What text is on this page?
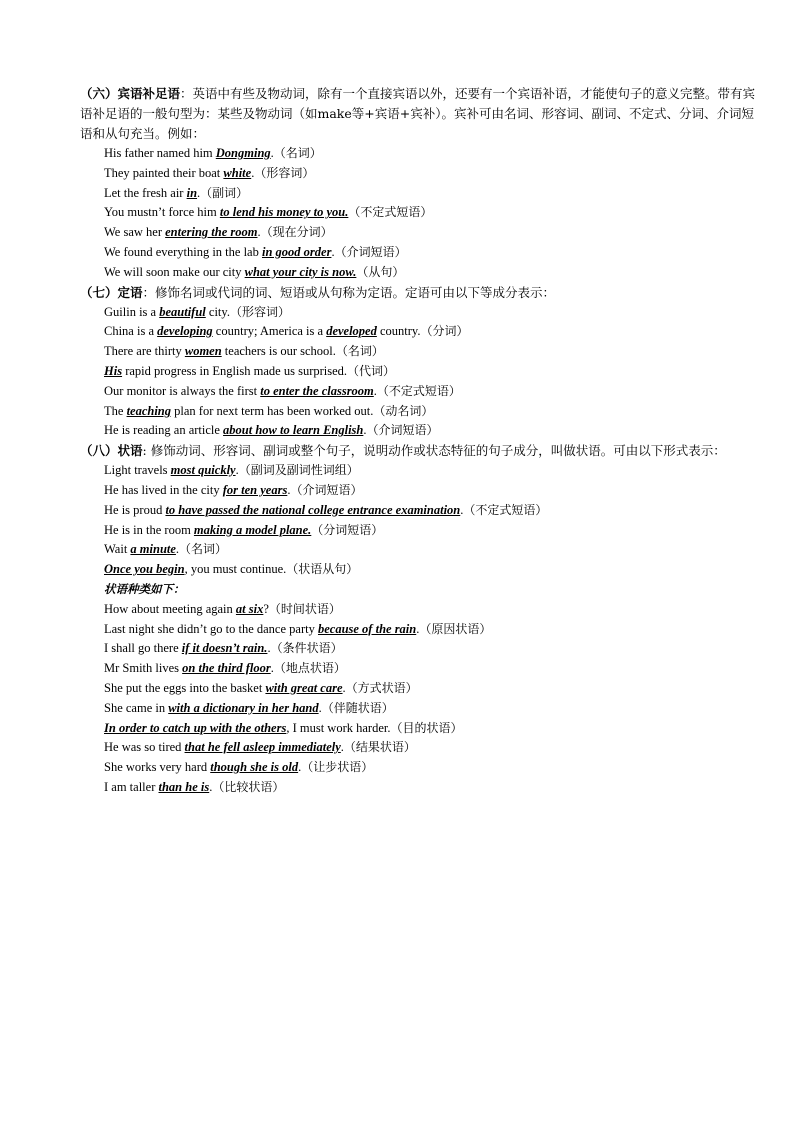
（六）宾语补足语：英语中有些及物动词，除有一个直接宾语以外，还要有一个宾语补语，才能使句子的意义完整。带有宾语补足语的一般句型为：某些及物动词（如make等+宾语+宾补）。宾补可由名词、形容词、副词、不定式、分词、介词短语和从句充当。例如：

His father named him Dongming.（名词）

They painted their boat white.（形容词）

Let the fresh air in.（副词）

You mustn’t force him to lend his money to you.（不定式短语）

We saw her entering the room.（现在分词）

We found everything in the lab in good order.（介词短语）

We will soon make our city what your city is now.（从句）

（七）定语：修饰名词或代词的词、短语或从句称为定语。定语可由以下等成分表示：

Guilin is a beautiful city.（形容词）

China is a developing country; America is a developed country.（分词）

There are thirty women teachers is our school.（名词）

His rapid progress in English made us surprised.（代词）

Our monitor is always the first to enter the classroom.（不定式短语）

The teaching plan for next term has been worked out.（动名词）

He is reading an article about how to learn English.（介词短语）

（八）状语: 修饰动词、形容词、副词或整个句子，说明动作或状态特征的句子成分，叫做状语。可由以下形式表示：

Light travels most quickly.（副词及副词性词组）

He has lived in the city for ten years.（介词短语）

He is proud to have passed the national college entrance examination.（不定式短语）

He is in the room making a model plane.（分词短语）

Wait a minute.（名词）

Once you begin, you must continue.（状语从句）

状语种类如下：

How about meeting again at six?（时间状语）

Last night she didn’t go to the dance party because of the rain.（原因状语）

I shall go there if it doesn’t rain..（条件状语）

Mr Smith lives on the third floor.（地点状语）

She put the eggs into the basket with great care.（方式状语）

She came in with a dictionary in her hand.（伴随状语）

In order to catch up with the others, I must work harder.（目的状语）

He was so tired that he fell asleep immediately.（结果状语）

She works very hard though she is old.（让步状语）

I am taller than he is.（比较状语）
